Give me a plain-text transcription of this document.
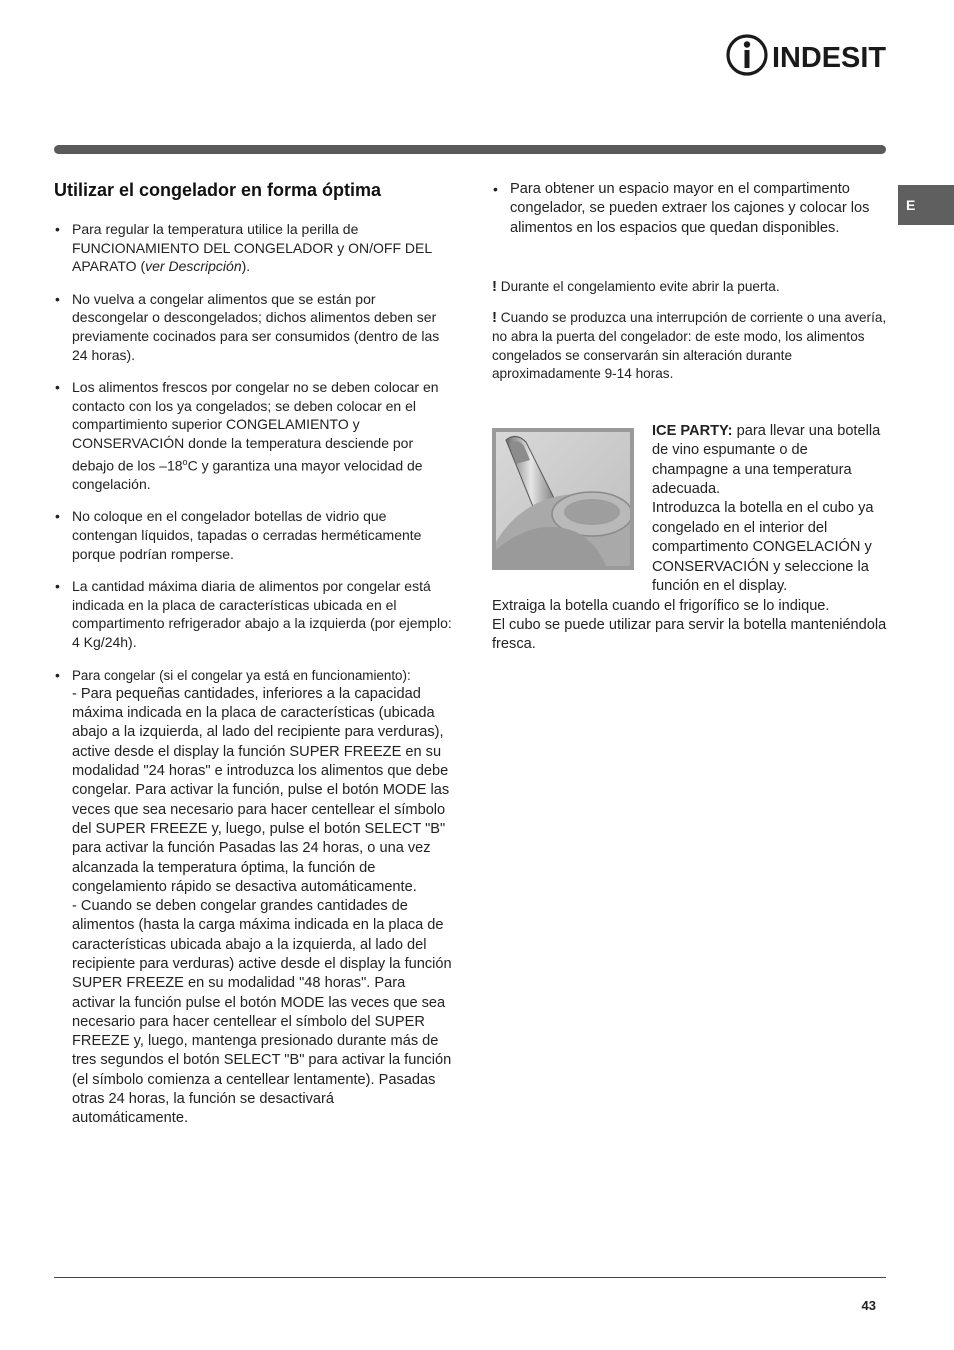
INDESIT
E
Utilizar el congelador en forma óptima
• Para regular la temperatura utilice la perilla de FUNCIONAMIENTO DEL CONGELADOR y ON/OFF DEL APARATO (ver Descripción).
• No vuelva a congelar alimentos que se están por descongelar o descongelados; dichos alimentos deben ser previamente cocinados para ser consumidos (dentro de las 24 horas).
• Los alimentos frescos por congelar no se deben colocar en contacto con los ya congelados; se deben colocar en el compartimiento superior CONGELAMIENTO y CONSERVACIÓN donde la temperatura desciende por debajo de los –18$^o$C y garantiza una mayor velocidad de congelación.
• No coloque en el congelador botellas de vidrio que contengan líquidos, tapadas o cerradas herméticamente porque podrían romperse.
• La cantidad máxima diaria de alimentos por congelar está indicada en la placa de características ubicada en el compartimento refrigerador abajo a la izquierda (por ejemplo: 4 Kg/24h).
• Para congelar (si el congelar ya está en funcionamiento):
- Para pequeñas cantidades, inferiores a la capacidad máxima indicada en la placa de características (ubicada abajo a la izquierda, al lado del recipiente para verduras), active desde el display la función SUPER FREEZE en su modalidad "24 horas" e introduzca los alimentos que debe congelar. Para activar la función, pulse el botón MODE las veces que sea necesario para hacer centellear el símbolo del SUPER FREEZE y, luego, pulse el botón SELECT "B" para activar la función Pasadas las 24 horas, o una vez alcanzada la temperatura óptima, la función de congelamiento rápido se desactiva automáticamente.
- Cuando se deben congelar grandes cantidades de alimentos (hasta la carga máxima indicada en la placa de características ubicada abajo a la izquierda, al lado del recipiente para verduras) active desde el display la función SUPER FREEZE en su modalidad "48 horas". Para activar la función pulse el botón MODE las veces que sea necesario para hacer centellear el símbolo del SUPER FREEZE y, luego, mantenga presionado durante más de tres segundos el botón SELECT "B" para activar la función (el símbolo comienza a centellear lentamente). Pasadas otras 24 horas, la función se desactivará automáticamente.
• Para obtener un espacio mayor en el compartimento congelador, se pueden extraer los cajones y colocar los alimentos en los espacios que quedan disponibles.

! Durante el congelamiento evite abrir la puerta.

! Cuando se produzca una interrupción de corriente o una avería, no abra la puerta del congelador: de este modo, los alimentos congelados se conservarán sin alteración durante aproximadamente 9-14 horas.

ICE PARTY: para llevar una botella de vino espumante o de champagne a una temperatura adecuada.
Introduzca la botella en el cubo ya congelado en el interior del compartimento CONGELACIÓN y CONSERVACIÓN y seleccione la función en el display.
Extraiga la botella cuando el frigorífico se lo indique.
El cubo se puede utilizar para servir la botella manteniéndola fresca.
43
